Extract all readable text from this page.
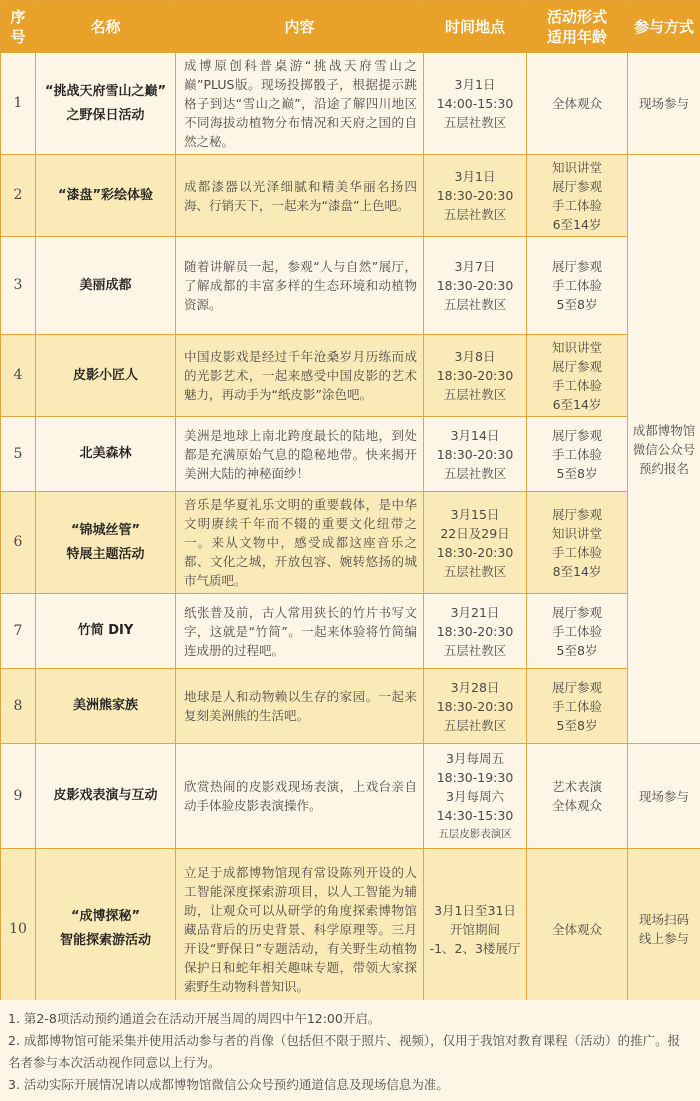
序
号	名称	内容	时间地点	活动形式
适用年龄	参与方式
1	“挑战天府雪山之巅”
之野保日活动	成博原创科普桌游“挑战天府雪山之巅”PLUS版。现场投掷骰子，根据提示跳格子到达“雪山之巅”，沿途了解四川地区不同海拔动植物分布情况和天府之国的自然之秘。	3月1日
14:00-15:30
五层社教区	全体观众	现场参与

2	“漆盘”彩绘体验	成都漆器以光泽细腻和精美华丽名扬四海、行销天下，一起来为“漆盘”上色吧。	3月1日
18:30-20:30
五层社教区	知识讲堂
展厅参观
手工体验
6至14岁	成都博物馆
微信公众号
预约报名

3	美丽成都	随着讲解员一起，参观“人与自然”展厅，了解成都的丰富多样的生态环境和动植物资源。	3月7日
18:30-20:30
五层社教区	展厅参观
手工体验
5至8岁	

4	皮影小匠人	中国皮影戏是经过千年沧桑岁月历练而成的光影艺术，一起来感受中国皮影的艺术魅力，再动手为“纸皮影”涂色吧。	3月8日
18:30-20:30
五层社教区	知识讲堂
展厅参观
手工体验
6至14岁	

5	北美森林	美洲是地球上南北跨度最长的陆地，到处都是充满原始气息的隐秘地带。快来揭开美洲大陆的神秘面纱！	3月14日
18:30-20:30
五层社教区	展厅参观
手工体验
5至8岁	

6	“锦城丝管”
特展主题活动	音乐是华夏礼乐文明的重要载体，是中华文明赓续千年而不辍的重要文化纽带之一。来从文物中，感受成都这座音乐之都、文化之城，开放包容、婉转悠扬的城市气质吧。	3月15日
22日及29日
18:30-20:30
五层社教区	展厅参观
知识讲堂
手工体验
8至14岁	

7	竹简 DIY	纸张普及前，古人常用狭长的竹片书写文字，这就是“竹简”。一起来体验将竹简编连成册的过程吧。	3月21日
18:30-20:30
五层社教区	展厅参观
手工体验
5至8岁	

8	美洲熊家族	地球是人和动物赖以生存的家园。一起来复刻美洲熊的生活吧。	3月28日
18:30-20:30
五层社教区	展厅参观
手工体验
5至8岁	

9	皮影戏表演与互动	欣赏热闹的皮影戏现场表演，上戏台亲自动手体验皮影表演操作。	3月每周五
18:30-19:30
3月每周六
14:30-15:30
五层皮影表演区	艺术表演
全体观众	现场参与

10	“成博探秘”
智能探索游活动	立足于成都博物馆现有常设陈列开设的人工智能深度探索游项目，以人工智能为辅助，让观众可以从研学的角度探索博物馆藏品背后的历史背景、科学原理等。三月开设“野保日”专题活动，有关野生动植物保护日和蛇年相关趣味专题，带领大家探索野生动物科普知识。	3月1日至31日
开馆期间
-1、2、3楼展厅	全体观众	现场扫码
线上参与

1. 第2-8项活动预约通道会在活动开展当周的周四中午12:00开启。

2. 成都博物馆可能采集并使用活动参与者的肖像（包括但不限于照片、视频），仅用于我馆对教育课程（活动）的推广。报名者参与本次活动视作同意以上行为。

3. 活动实际开展情况请以成都博物馆微信公众号预约通道信息及现场信息为准。
